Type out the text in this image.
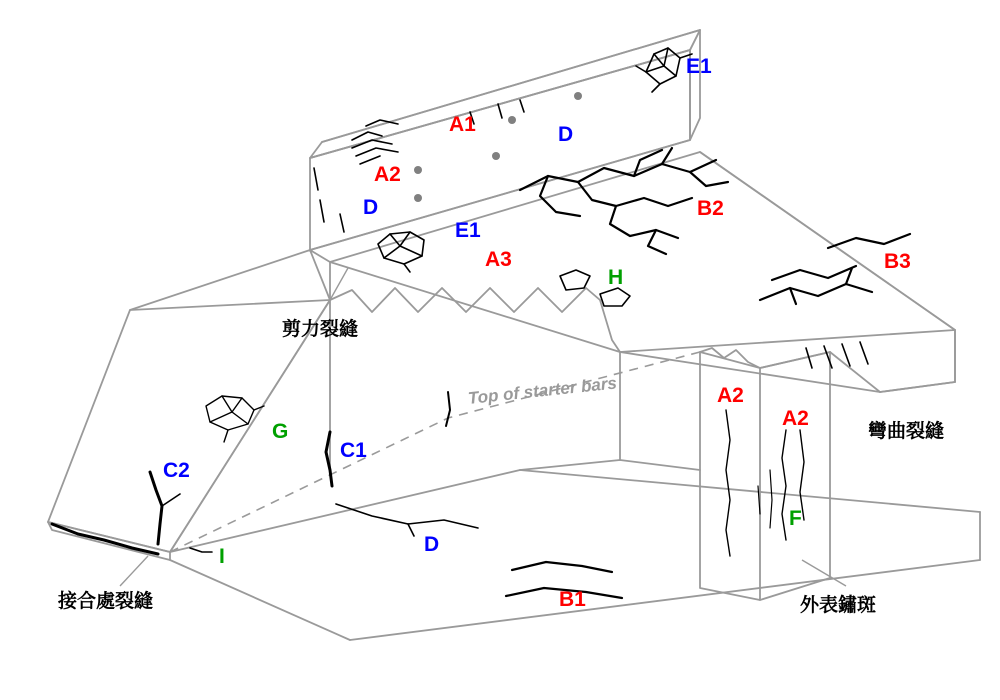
E1
A1	D
A2
D	B2
E1
A3	B3
H
A2
A2
G
C1
C2
F
D
I
B1
剪力裂縫
彎曲裂縫
接合處裂縫	外表鏽斑
Top of starter bars
